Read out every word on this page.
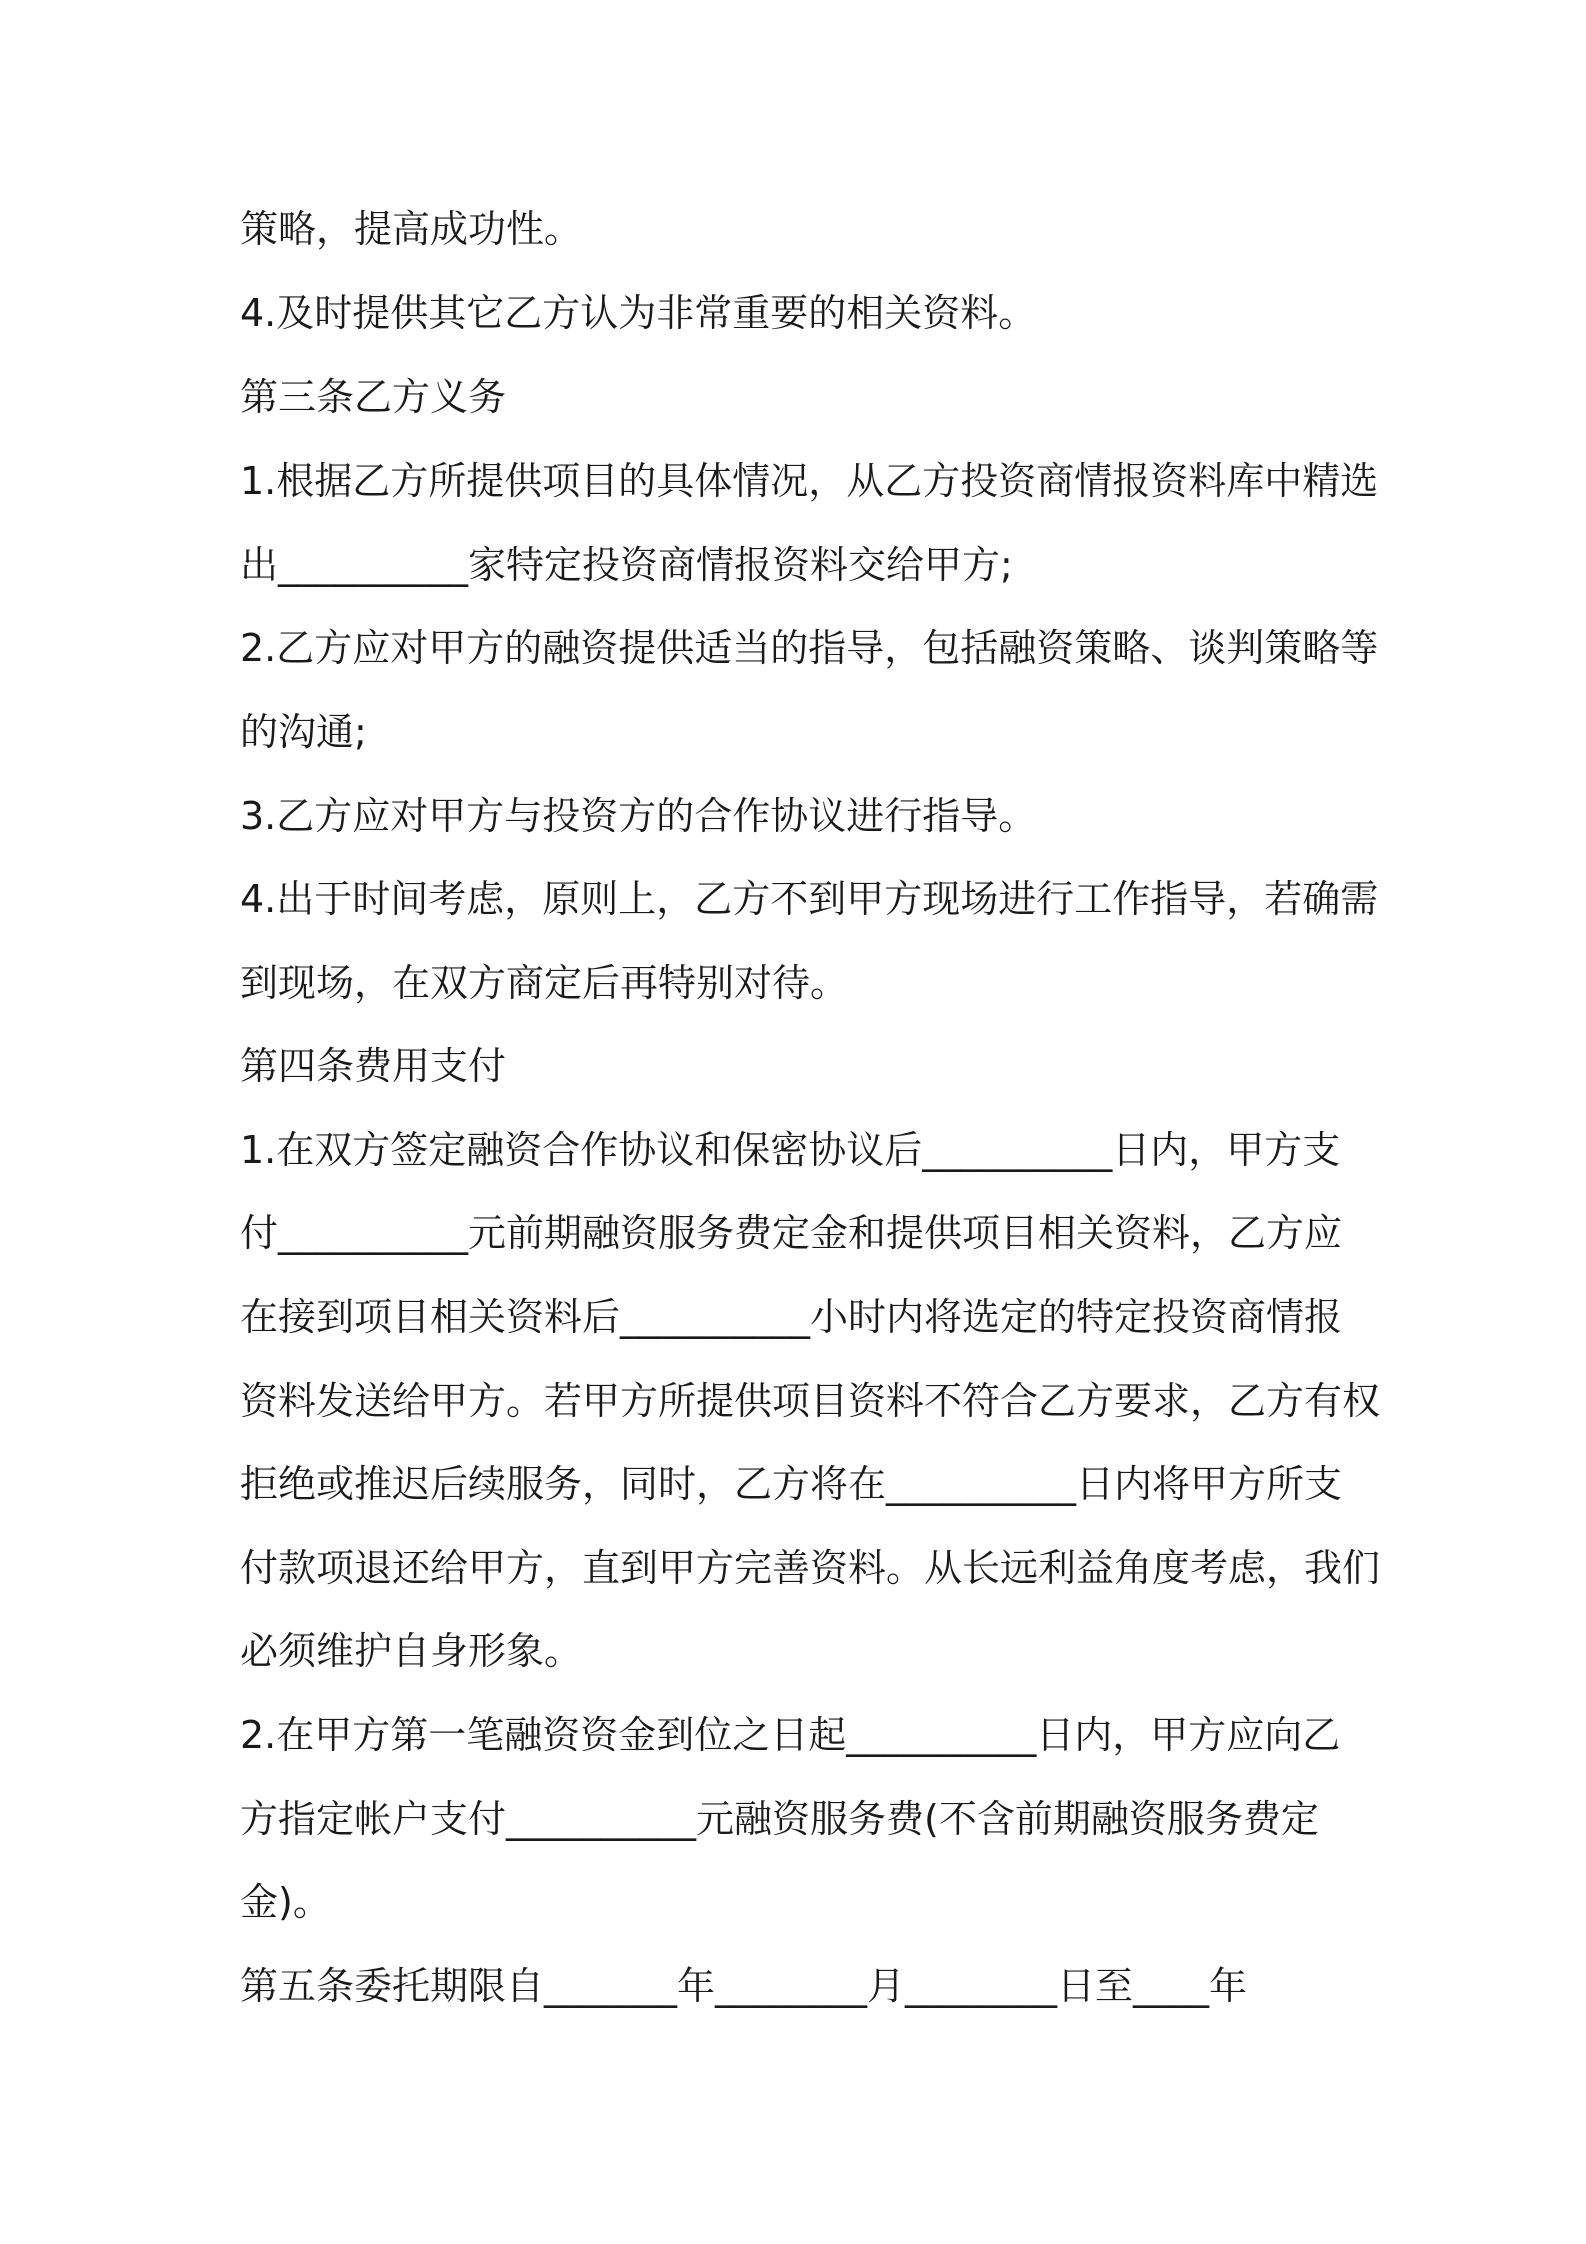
策略，提高成功性。

4.及时提供其它乙方认为非常重要的相关资料。

第三条乙方义务

1.根据乙方所提供项目的具体情况，从乙方投资商情报资料库中精选

出__________家特定投资商情报资料交给甲方;

2.乙方应对甲方的融资提供适当的指导，包括融资策略、谈判策略等

的沟通;

3.乙方应对甲方与投资方的合作协议进行指导。

4.出于时间考虑，原则上，乙方不到甲方现场进行工作指导，若确需

到现场，在双方商定后再特别对待。

第四条费用支付

1.在双方签定融资合作协议和保密协议后__________日内，甲方支

付__________元前期融资服务费定金和提供项目相关资料，乙方应

在接到项目相关资料后__________小时内将选定的特定投资商情报

资料发送给甲方。若甲方所提供项目资料不符合乙方要求，乙方有权

拒绝或推迟后续服务，同时，乙方将在__________日内将甲方所支

付款项退还给甲方，直到甲方完善资料。从长远利益角度考虑，我们

必须维护自身形象。

2.在甲方第一笔融资资金到位之日起__________日内，甲方应向乙

方指定帐户支付__________元融资服务费(不含前期融资服务费定

金)。

第五条委托期限自_______年________月________日至____年
